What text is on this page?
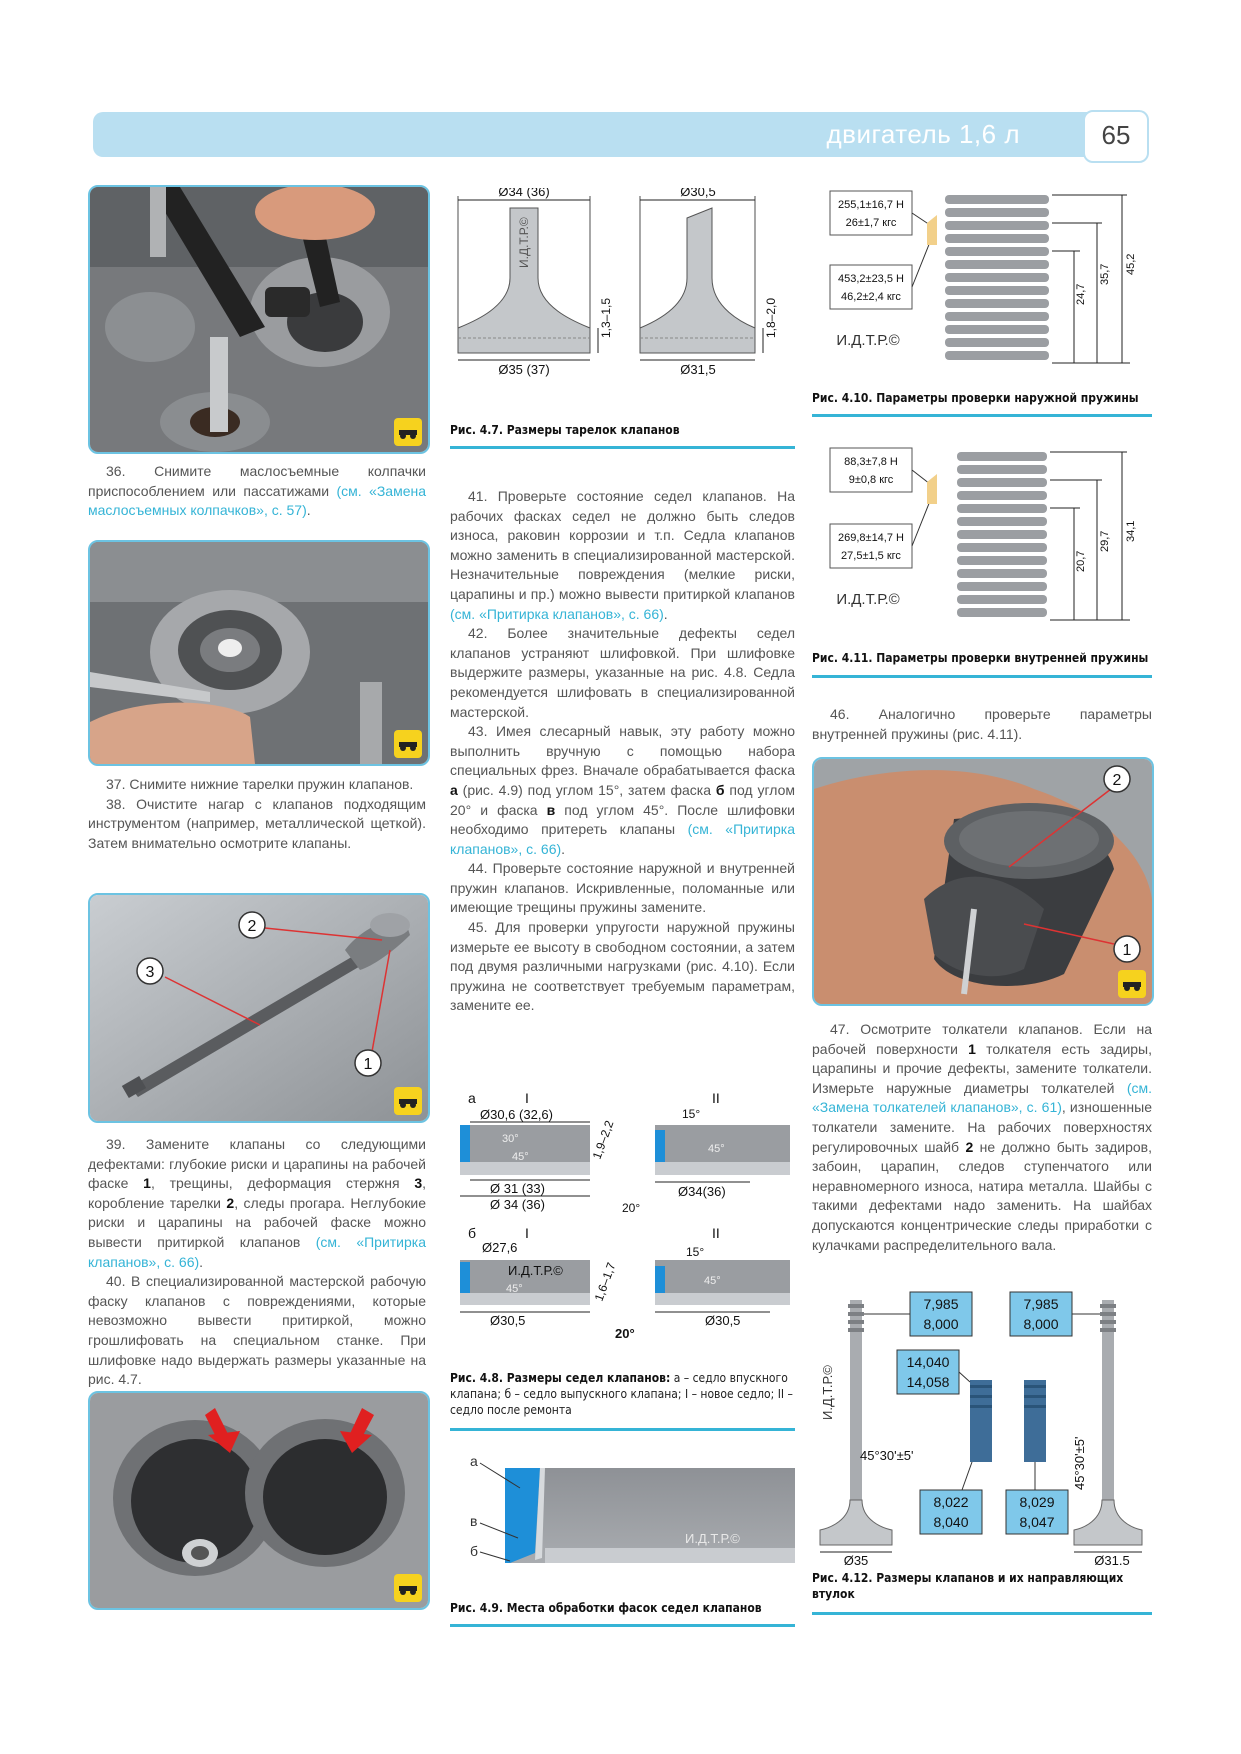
двигатель 1,6 л	65

36. Снимите маслосъемные колпачки приспособлением или пассатижами (см. «Замена маслосъемных колпачков», с. 57).

37. Снимите нижние тарелки пружин клапанов.

38. Очистите нагар с клапанов подходящим инструментом (например, металлической щеткой). Затем внимательно осмотрите клапаны.

2
3
1

39. Замените клапаны со следующими дефектами: глубокие риски и царапины на рабочей фаске 1, трещины, деформация стержня 3, коробление тарелки 2, следы прогара. Неглубокие риски и царапины на рабочей фаске можно вывести притиркой клапанов (см. «Притирка клапанов», с. 66).

40. В специализированной мастерской рабочую фаску клапанов с повреждениями, которые невозможно вывести притиркой, можно грошлифовать на специальном станке. При шлифовке надо выдержать размеры указанные на рис. 4.7.

Ø34 (36)
Ø35 (37)
1,3–1,5
И.Д.Т.Р.©
Ø30,5
Ø31,5
1,8–2,0
Рис. 4.7. Размеры тарелок клапанов

41. Проверьте состояние седел клапанов. На рабочих фасках седел не должно быть следов износа, раковин коррозии и т.п. Седла клапанов можно заменить в специализированной мастерской. Незначительные повреждения (мелкие риски, царапины и пр.) можно вывести притиркой клапанов (см. «Притирка клапанов», с. 66).

42. Более значительные дефекты седел клапанов устраняют шлифовкой. При шлифовке выдержите размеры, указанные на рис. 4.8. Седла рекомендуется шлифовать в специализированной мастерской.

43. Имея слесарный навык, эту работу можно выполнить вручную с помощью набора специальных фрез. Вначале обрабатывается фаска а (рис. 4.9) под углом 15°, затем фаска б под углом 20° и фаска в под углом 45°. После шлифовки необходимо притереть клапаны (см. «Притирка клапанов», с. 66).

44. Проверьте состояние наружной и внутренней пружин клапанов. Искривленные, поломанные или имеющие трещины пружины замените.

45. Для проверки упругости наружной пружины измерьте ее высоту в свободном состоянии, а затем под двумя различными нагрузками (рис. 4.10). Если пружина не соответствует требуемым параметрам, замените ее.

а	I
Ø30,6 (32,6)
30°
45°
Ø 31 (33)
Ø 34 (36)
II
15°
45°
1,9–2,2
20°
Ø34(36)
б	I
Ø27,6
И.Д.Т.Р.©
45°
Ø30,5
II
15°
45°
1,6–1,7
20°
Ø30,5
Рис. 4.8. Размеры седел клапанов: а – седло впускного клапана; б – седло выпускного клапана; I – новое седло; II – седло после ремонта
а
в
б
И.Д.Т.Р.©
Рис. 4.9. Места обработки фасок седел клапанов
255,1±16,7 Н
26±1,7 кгс
453,2±23,5 Н
46,2±2,4 кгс
И.Д.Т.Р.©
24,7
35,7 45,2
Рис. 4.10. Параметры проверки наружной пружины
88,3±7,8 Н
9±0,8 кгс
269,8±14,7 Н
27,5±1,5 кгс
И.Д.Т.Р.©
20,7
29,7 34,1
Рис. 4.11. Параметры проверки внутренней пружины

46. Аналогично проверьте параметры внутренней пружины (рис. 4.11).

2
1

47. Осмотрите толкатели клапанов. Если на рабочей поверхности 1 толкателя есть задиры, царапины и прочие дефекты, замените толкатели. Измерьте наружные диаметры толкателей (см. «Замена толкателей клапанов», с. 61), изношенные толкатели замените. На рабочих поверхностях регулировочных шайб 2 не должно быть задиров, забоин, царапин, следов ступенчатого или неравномерного износа, натира металла. Шайбы с такими дефектами надо заменить. На шайбах допускаются концентрические следы приработки с кулачками распределительного вала.

Ø35
И.Д.Т.Р.©
Ø31,5
45°30'±5'
45°30'±5'
7,985
8,000
7,985
8,000
14,040
14,058
8,022
8,040
8,029
8,047
Рис. 4.12. Размеры клапанов и их направляющих втулок
